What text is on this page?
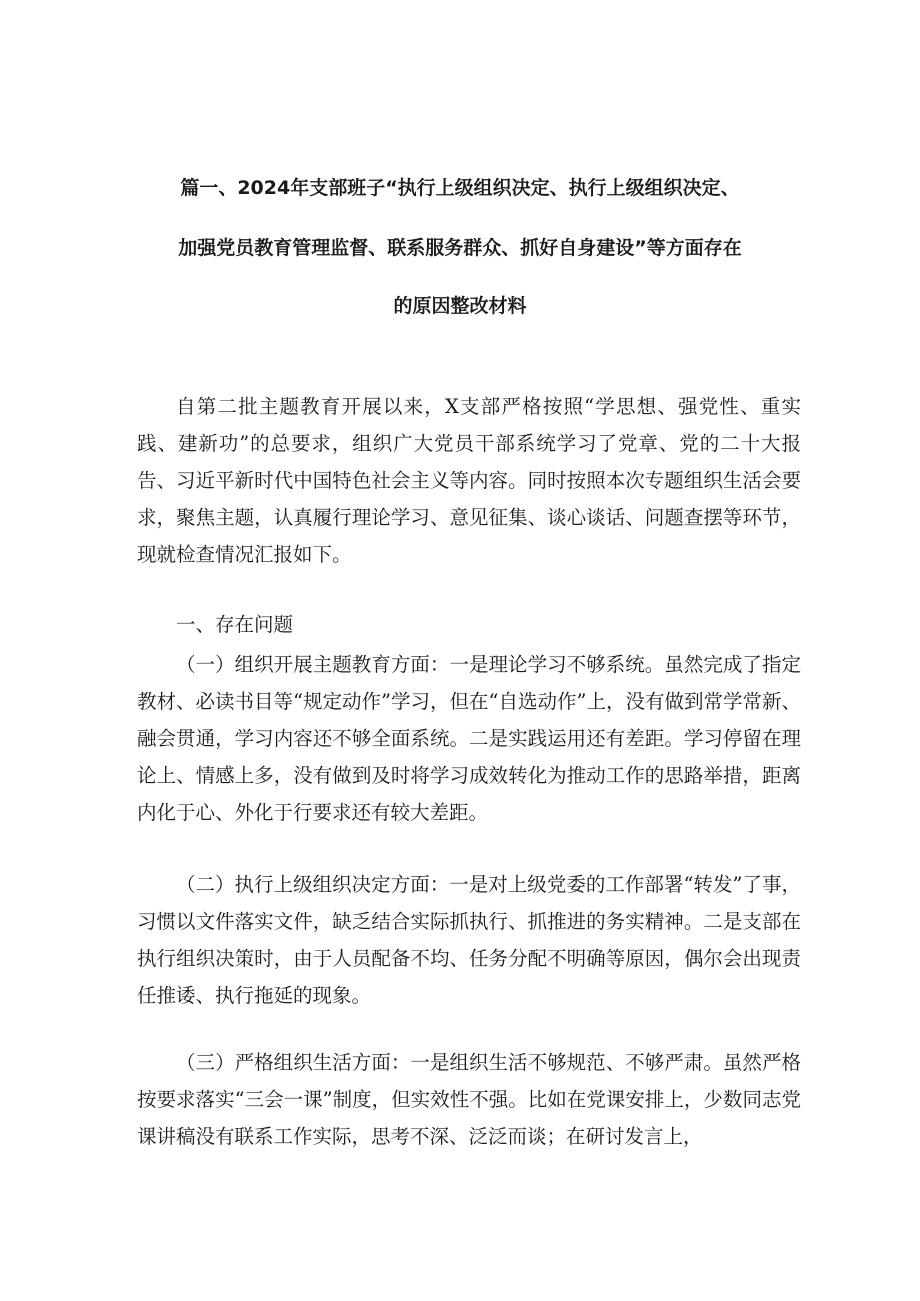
篇一、2024年支部班子“执行上级组织决定、执行上级组织决定、
加强党员教育管理监督、联系服务群众、抓好自身建设”等方面存在
的原因整改材料

自第二批主题教育开展以来，X支部严格按照“学思想、强党性、重实践、建新功”的总要求，组织广大党员干部系统学习了党章、党的二十大报告、习近平新时代中国特色社会主义等内容。同时按照本次专题组织生活会要求，聚焦主题，认真履行理论学习、意见征集、谈心谈话、问题查摆等环节，现就检查情况汇报如下。

一、存在问题

（一）组织开展主题教育方面：一是理论学习不够系统。虽然完成了指定教材、必读书目等“规定动作”学习，但在“自选动作”上，没有做到常学常新、融会贯通，学习内容还不够全面系统。二是实践运用还有差距。学习停留在理论上、情感上多，没有做到及时将学习成效转化为推动工作的思路举措，距离内化于心、外化于行要求还有较大差距。

（二）执行上级组织决定方面：一是对上级党委的工作部署“转发”了事，习惯以文件落实文件，缺乏结合实际抓执行、抓推进的务实精神。二是支部在执行组织决策时，由于人员配备不均、任务分配不明确等原因，偶尔会出现责任推诿、执行拖延的现象。

（三）严格组织生活方面：一是组织生活不够规范、不够严肃。虽然严格按要求落实“三会一课”制度，但实效性不强。比如在党课安排上，少数同志党课讲稿没有联系工作实际，思考不深、泛泛而谈；在研讨发言上，
